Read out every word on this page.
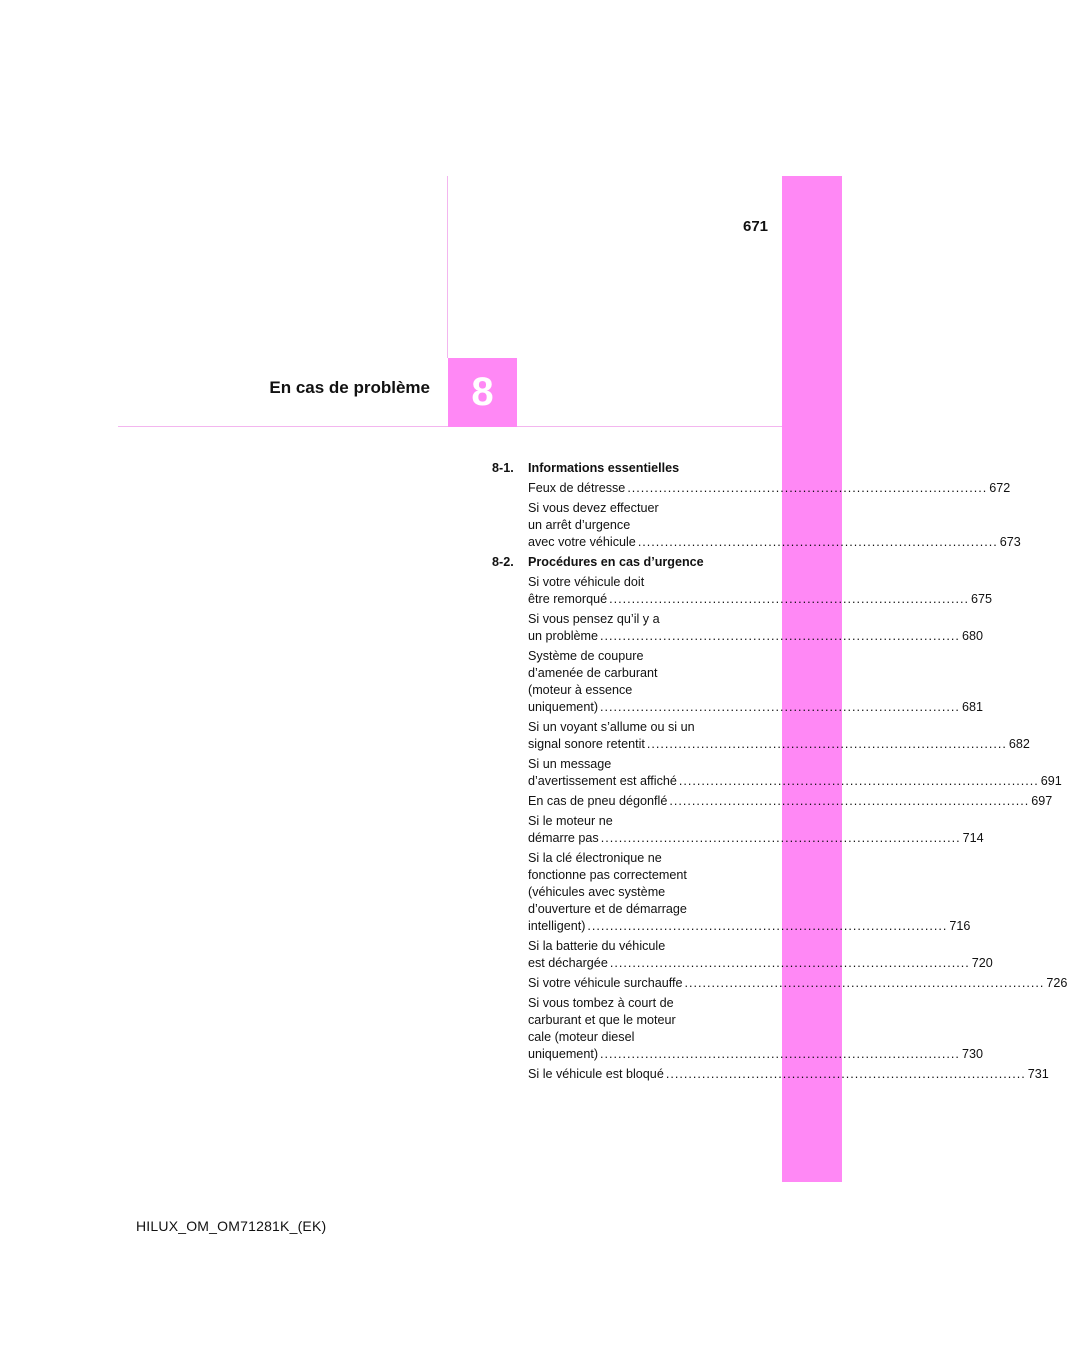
671
En cas de problème 8
8-1.	Informations essentielles
Feux de détresse ................................................................................ 672
Si vous devez effectuer
un arrêt d’urgence
avec votre véhicule ................................................................................ 673
8-2.	Procédures en cas d’urgence
Si votre véhicule doit
être remorqué ................................................................................ 675
Si vous pensez qu’il y a
un problème ................................................................................ 680
Système de coupure
d’amenée de carburant
(moteur à essence
uniquement) ................................................................................ 681
Si un voyant s’allume ou si un
signal sonore retentit ................................................................................ 682
Si un message
d’avertissement est affiché ................................................................................ 691
En cas de pneu dégonflé ................................................................................ 697
Si le moteur ne
démarre pas ................................................................................ 714
Si la clé électronique ne
fonctionne pas correctement
(véhicules avec système
d’ouverture et de démarrage
intelligent) ................................................................................ 716
Si la batterie du véhicule
est déchargée ................................................................................ 720
Si votre véhicule surchauffe ................................................................................ 726
Si vous tombez à court de
carburant et que le moteur
cale (moteur diesel
uniquement) ................................................................................ 730
Si le véhicule est bloqué ................................................................................ 731
HILUX_OM_OM71281K_(EK)
